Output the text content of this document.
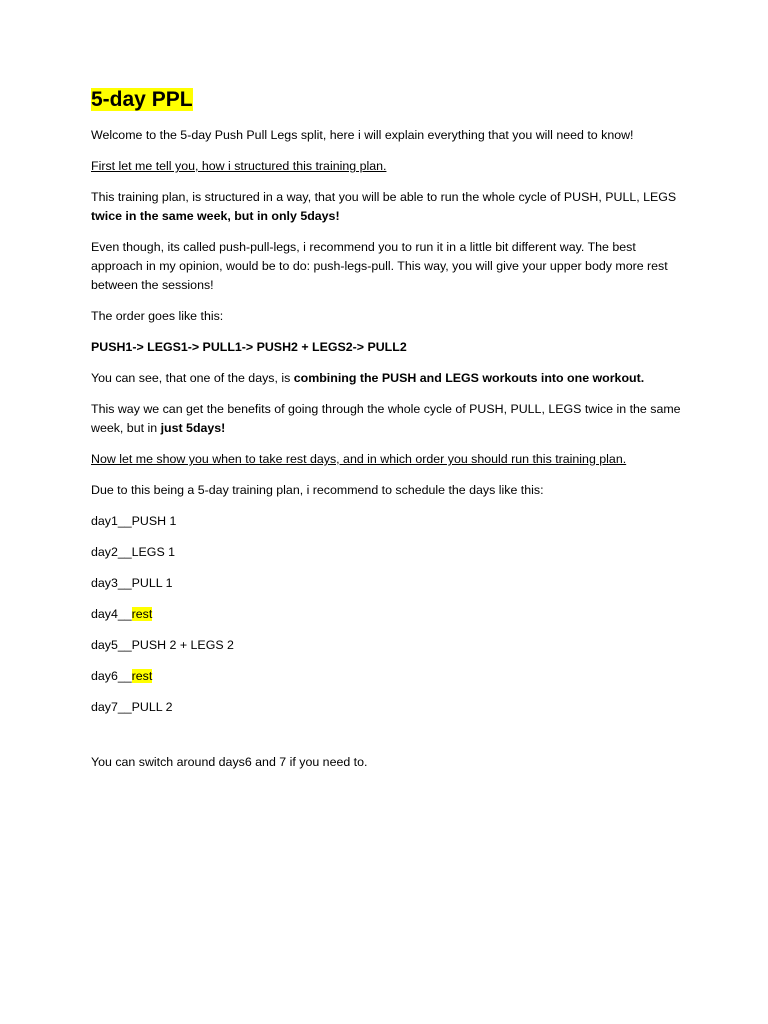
5-day PPL

Welcome to the 5-day Push Pull Legs split, here i will explain everything that you will need to know!

First let me tell you, how i structured this training plan.

This training plan, is structured in a way, that you will be able to run the whole cycle of PUSH, PULL, LEGS twice in the same week, but in only 5days!

Even though, its called push-pull-legs, i recommend you to run it in a little bit different way. The best approach in my opinion, would be to do: push-legs-pull. This way, you will give your upper body more rest between the sessions!

The order goes like this:

PUSH1-> LEGS1-> PULL1-> PUSH2 + LEGS2-> PULL2

You can see, that one of the days, is combining the PUSH and LEGS workouts into one workout.

This way we can get the benefits of going through the whole cycle of PUSH, PULL, LEGS twice in the same week, but in just 5days!

Now let me show you when to take rest days, and in which order you should run this training plan.

Due to this being a 5-day training plan, i recommend to schedule the days like this:

day1__PUSH 1

day2__LEGS 1

day3__PULL 1

day4__rest

day5__PUSH 2 + LEGS 2

day6__rest

day7__PULL 2

You can switch around days6 and 7 if you need to.
